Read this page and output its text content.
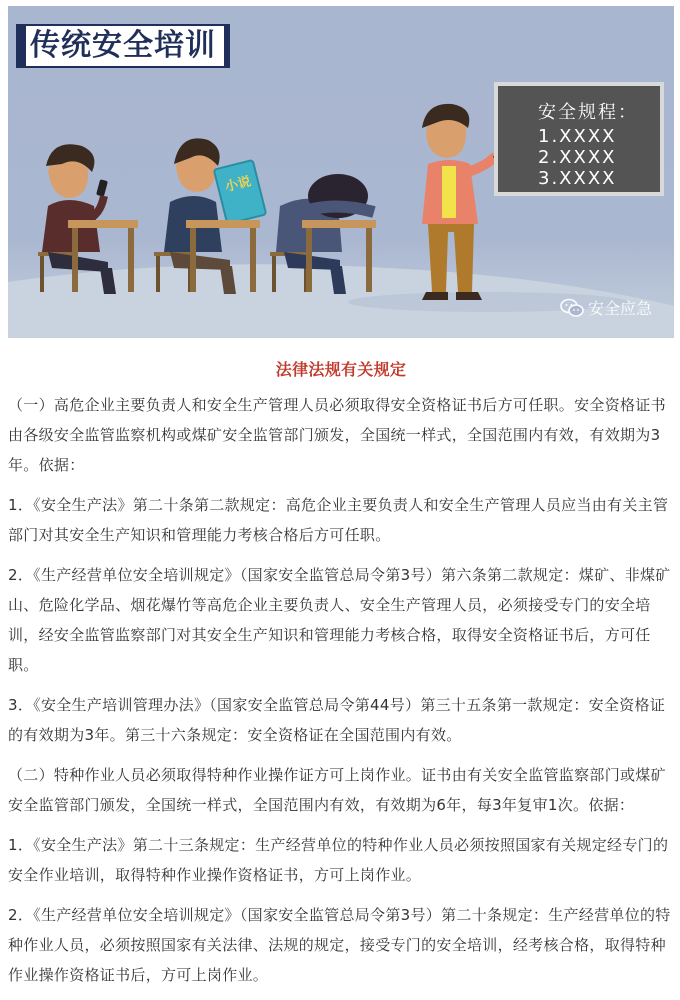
小说
传统安全培训
安全规程：
1.XXXX
2.XXXX
3.XXXX
安全应急
法律法规有关规定

（一）高危企业主要负责人和安全生产管理人员必须取得安全资格证书后方可任职。安全资格证书由各级安全监管监察机构或煤矿安全监管部门颁发，全国统一样式，全国范围内有效，有效期为3年。依据：

1．《安全生产法》第二十条第二款规定：高危企业主要负责人和安全生产管理人员应当由有关主管部门对其安全生产知识和管理能力考核合格后方可任职。

2．《生产经营单位安全培训规定》（国家安全监管总局令第3号）第六条第二款规定：煤矿、非煤矿山、危险化学品、烟花爆竹等高危企业主要负责人、安全生产管理人员，必须接受专门的安全培训，经安全监管监察部门对其安全生产知识和管理能力考核合格，取得安全资格证书后，方可任职。

3．《安全生产培训管理办法》（国家安全监管总局令第44号）第三十五条第一款规定：安全资格证的有效期为3年。第三十六条规定：安全资格证在全国范围内有效。

（二）特种作业人员必须取得特种作业操作证方可上岗作业。证书由有关安全监管监察部门或煤矿安全监管部门颁发，全国统一样式，全国范围内有效，有效期为6年，每3年复审1次。依据：

1．《安全生产法》第二十三条规定：生产经营单位的特种作业人员必须按照国家有关规定经专门的安全作业培训，取得特种作业操作资格证书，方可上岗作业。

2．《生产经营单位安全培训规定》（国家安全监管总局令第3号）第二十条规定：生产经营单位的特种作业人员，必须按照国家有关法律、法规的规定，接受专门的安全培训，经考核合格，取得特种作业操作资格证书后，方可上岗作业。
